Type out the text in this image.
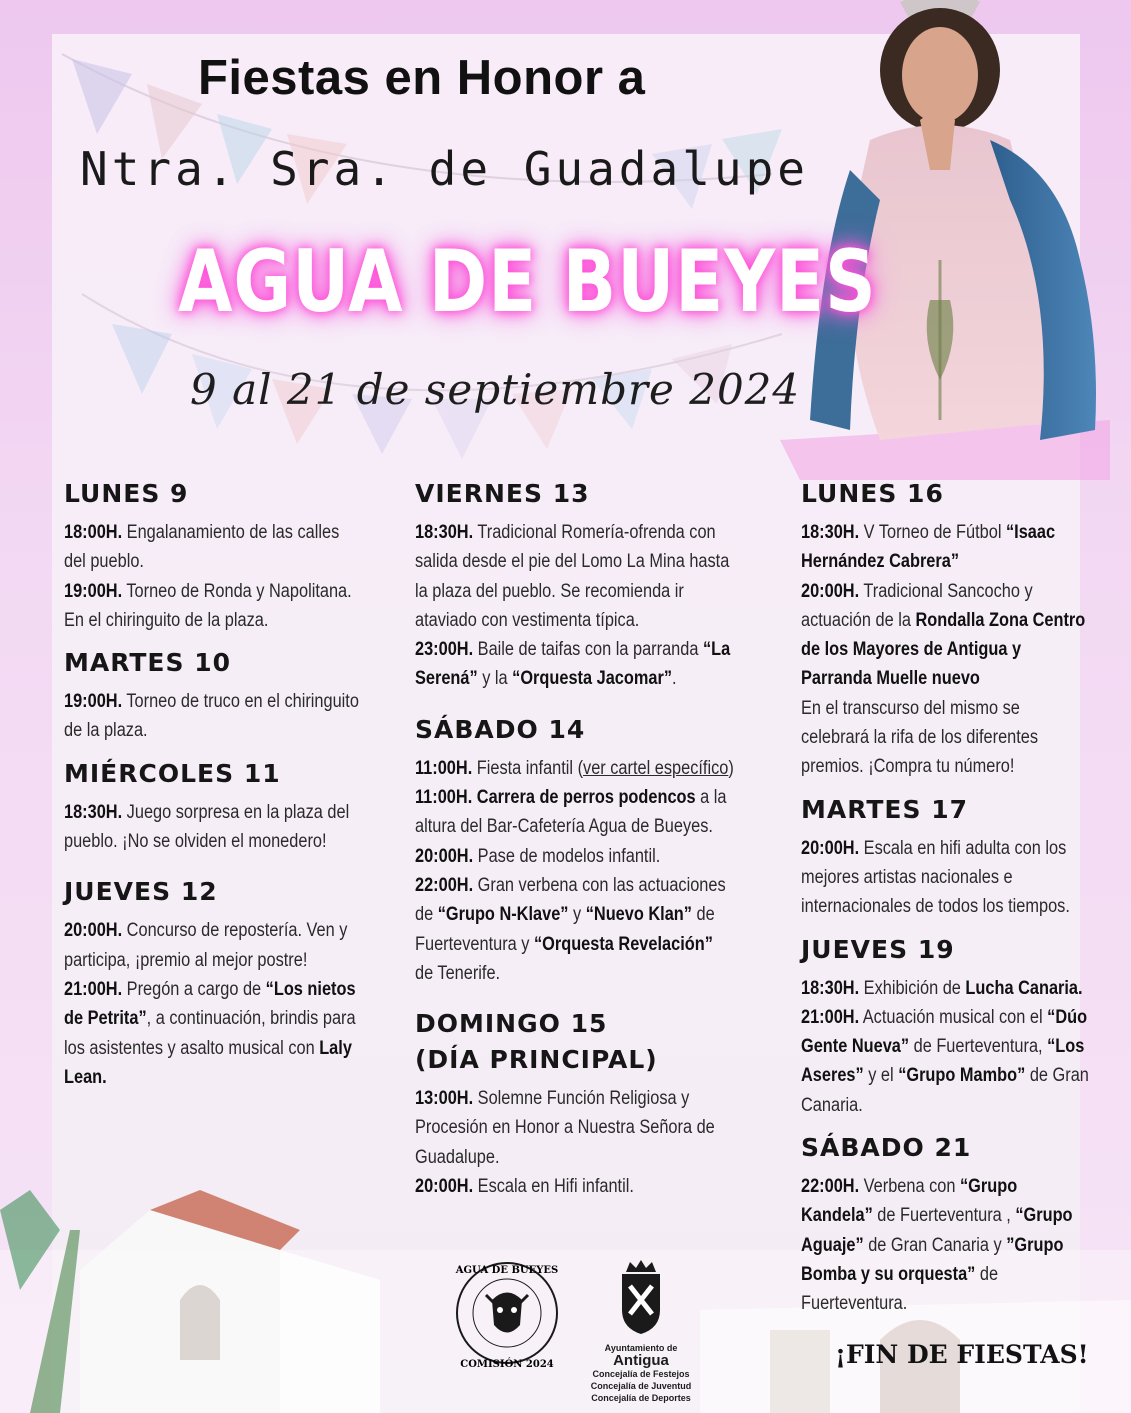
Fiestas en Honor a
Ntra. Sra. de Guadalupe
AGUA DE BUEYES
9 al 21 de septiembre 2024
LUNES 9
18:00H. Engalanamiento de las calles del pueblo.
19:00H. Torneo de Ronda y Napolitana. En el chiringuito de la plaza.
MARTES 10
19:00H. Torneo de truco en el chiringuito de la plaza.
MIÉRCOLES 11
18:30H. Juego sorpresa en la plaza del pueblo. ¡No se olviden el monedero!
JUEVES 12
20:00H. Concurso de repostería. Ven y participa, ¡premio al mejor postre!
21:00H. Pregón a cargo de “Los nietos de Petrita”, a continuación, brindis para los asistentes y asalto musical con Laly Lean.
VIERNES 13
18:30H. Tradicional Romería-ofrenda con salida desde el pie del Lomo La Mina hasta la plaza del pueblo. Se recomienda ir ataviado con vestimenta típica.
23:00H. Baile de taifas con la parranda “La Serená” y la “Orquesta Jacomar”.
SÁBADO 14
11:00H. Fiesta infantil (ver cartel específico)
11:00H. Carrera de perros podencos a la altura del Bar-Cafetería Agua de Bueyes.
20:00H. Pase de modelos infantil.
22:00H. Gran verbena con las actuaciones de “Grupo N-Klave” y “Nuevo Klan” de Fuerteventura y “Orquesta Revelación” de Tenerife.
DOMINGO 15
(DÍA PRINCIPAL)
13:00H. Solemne Función Religiosa y Procesión en Honor a Nuestra Señora de Guadalupe.
20:00H. Escala en Hifi infantil.
LUNES 16
18:30H. V Torneo de Fútbol “Isaac Hernández Cabrera”
20:00H. Tradicional Sancocho y actuación de la Rondalla Zona Centro de los Mayores de Antigua y Parranda Muelle nuevo
En el transcurso del mismo se celebrará la rifa de los diferentes premios. ¡Compra tu número!
MARTES 17
20:00H. Escala en hifi adulta con los mejores artistas nacionales e internacionales de todos los tiempos.
JUEVES 19
18:30H. Exhibición de Lucha Canaria.
21:00H. Actuación musical con el “Dúo Gente Nueva” de Fuerteventura, “Los Aseres” y el “Grupo Mambo” de Gran Canaria.
SÁBADO 21
22:00H. Verbena con “Grupo Kandela” de Fuerteventura , “Grupo Aguaje” de Gran Canaria y ”Grupo Bomba y su orquesta” de Fuerteventura.
AGUA DE BUEYES
COMISIÓN 2024
Ayuntamiento de
Antigua
Concejalía de Festejos
Concejalía de Juventud
Concejalía de Deportes
¡FIN DE FIESTAS!
